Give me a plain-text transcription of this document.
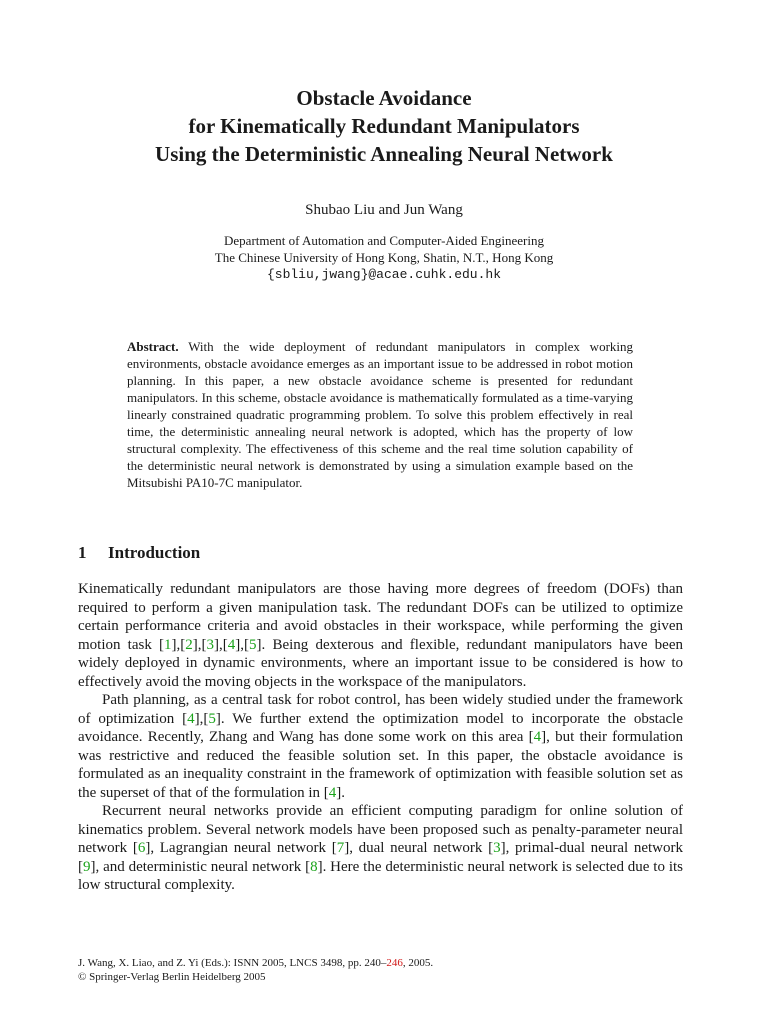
Obstacle Avoidance
for Kinematically Redundant Manipulators
Using the Deterministic Annealing Neural Network
Shubao Liu and Jun Wang
Department of Automation and Computer-Aided Engineering
The Chinese University of Hong Kong, Shatin, N.T., Hong Kong
{sbliu,jwang}@acae.cuhk.edu.hk
Abstract. With the wide deployment of redundant manipulators in complex working environments, obstacle avoidance emerges as an important issue to be addressed in robot motion planning. In this paper, a new obstacle avoidance scheme is presented for redundant manipulators. In this scheme, obstacle avoidance is mathematically formulated as a time-varying linearly constrained quadratic programming problem. To solve this problem effectively in real time, the deterministic annealing neural network is adopted, which has the property of low structural complexity. The effectiveness of this scheme and the real time solution capability of the deterministic neural network is demonstrated by using a simulation example based on the Mitsubishi PA10-7C manipulator.
1 Introduction

Kinematically redundant manipulators are those having more degrees of freedom (DOFs) than required to perform a given manipulation task. The redundant DOFs can be utilized to optimize certain performance criteria and avoid obstacles in their workspace, while performing the given motion task [1],[2],[3],[4],[5]. Being dexterous and flexible, redundant manipulators have been widely deployed in dynamic environments, where an important issue to be considered is how to effectively avoid the moving objects in the workspace of the manipulators.

Path planning, as a central task for robot control, has been widely studied under the framework of optimization [4],[5]. We further extend the optimization model to incorporate the obstacle avoidance. Recently, Zhang and Wang has done some work on this area [4], but their formulation was restrictive and reduced the feasible solution set. In this paper, the obstacle avoidance is formulated as an inequality constraint in the framework of optimization with feasible solution set as the superset of that of the formulation in [4].

Recurrent neural networks provide an efficient computing paradigm for online solution of kinematics problem. Several network models have been proposed such as penalty-parameter neural network [6], Lagrangian neural network [7], dual neural network [3], primal-dual neural network [9], and deterministic neural network [8]. Here the deterministic neural network is selected due to its low structural complexity.

J. Wang, X. Liao, and Z. Yi (Eds.): ISNN 2005, LNCS 3498, pp. 240–246, 2005.
© Springer-Verlag Berlin Heidelberg 2005
